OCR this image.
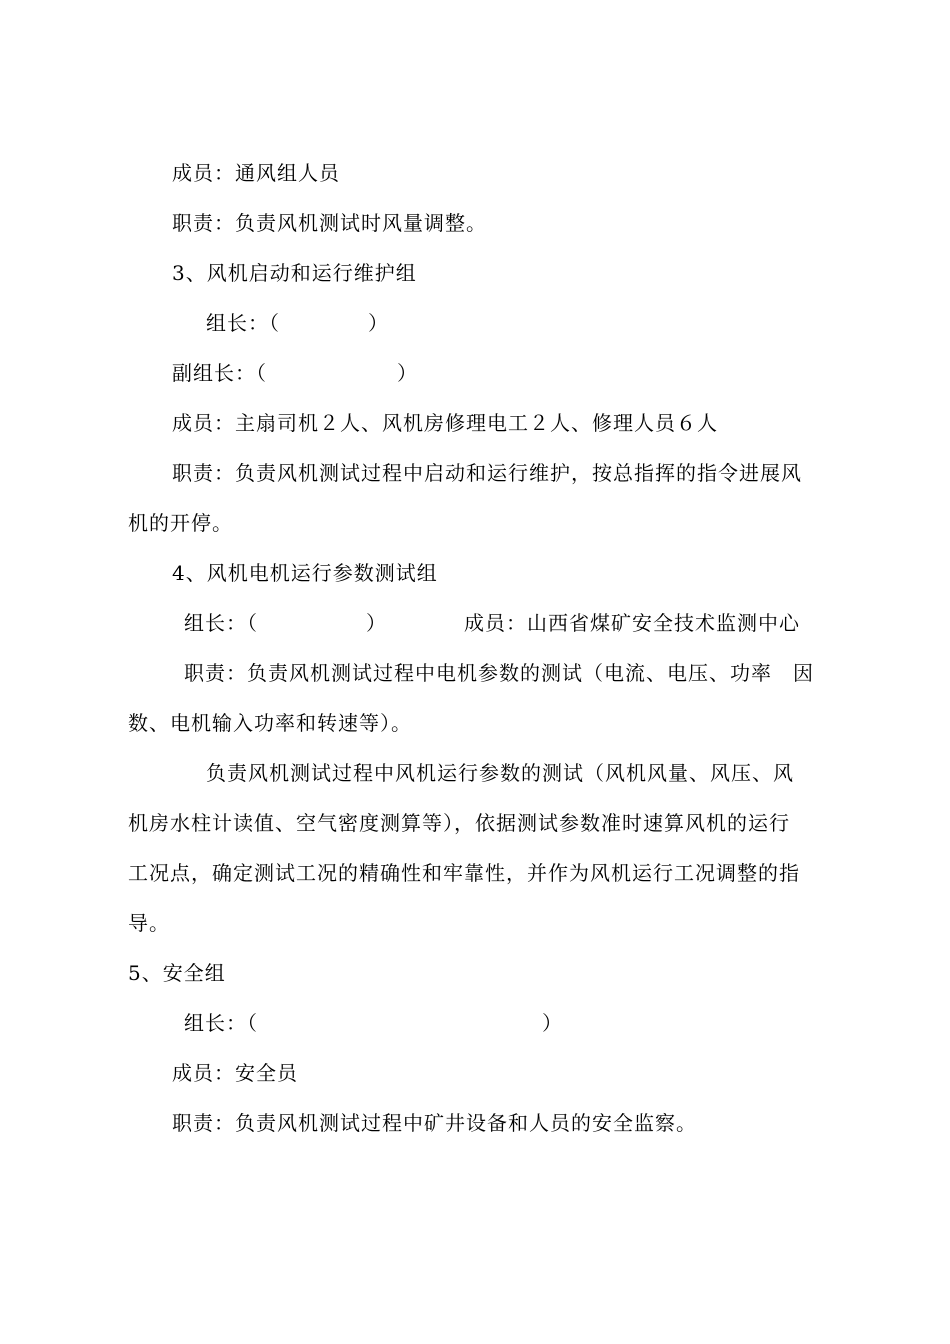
成员：通风组人员
职责：负责风机测试时风量调整。
3、风机启动和运行维护组
组长：（	）
副组长：（	）
成员：主扇司机２人、风机房修理电工２人、修理人员６人
职责：负责风机测试过程中启动和运行维护，按总指挥的指令进展风
机的开停。
4、风机电机运行参数测试组
组长：（	）	成员：山西省煤矿安全技术监测中心
职责：负责风机测试过程中电机参数的测试（电流、电压、功率　因
数、电机输入功率和转速等）。
负责风机测试过程中风机运行参数的测试（风机风量、风压、风
机房水柱计读值、空气密度测算等），依据测试参数准时速算风机的运行
工况点，确定测试工况的精确性和牢靠性，并作为风机运行工况调整的指
导。
5、安全组
组长：（	）
成员：安全员
职责：负责风机测试过程中矿井设备和人员的安全监察。
